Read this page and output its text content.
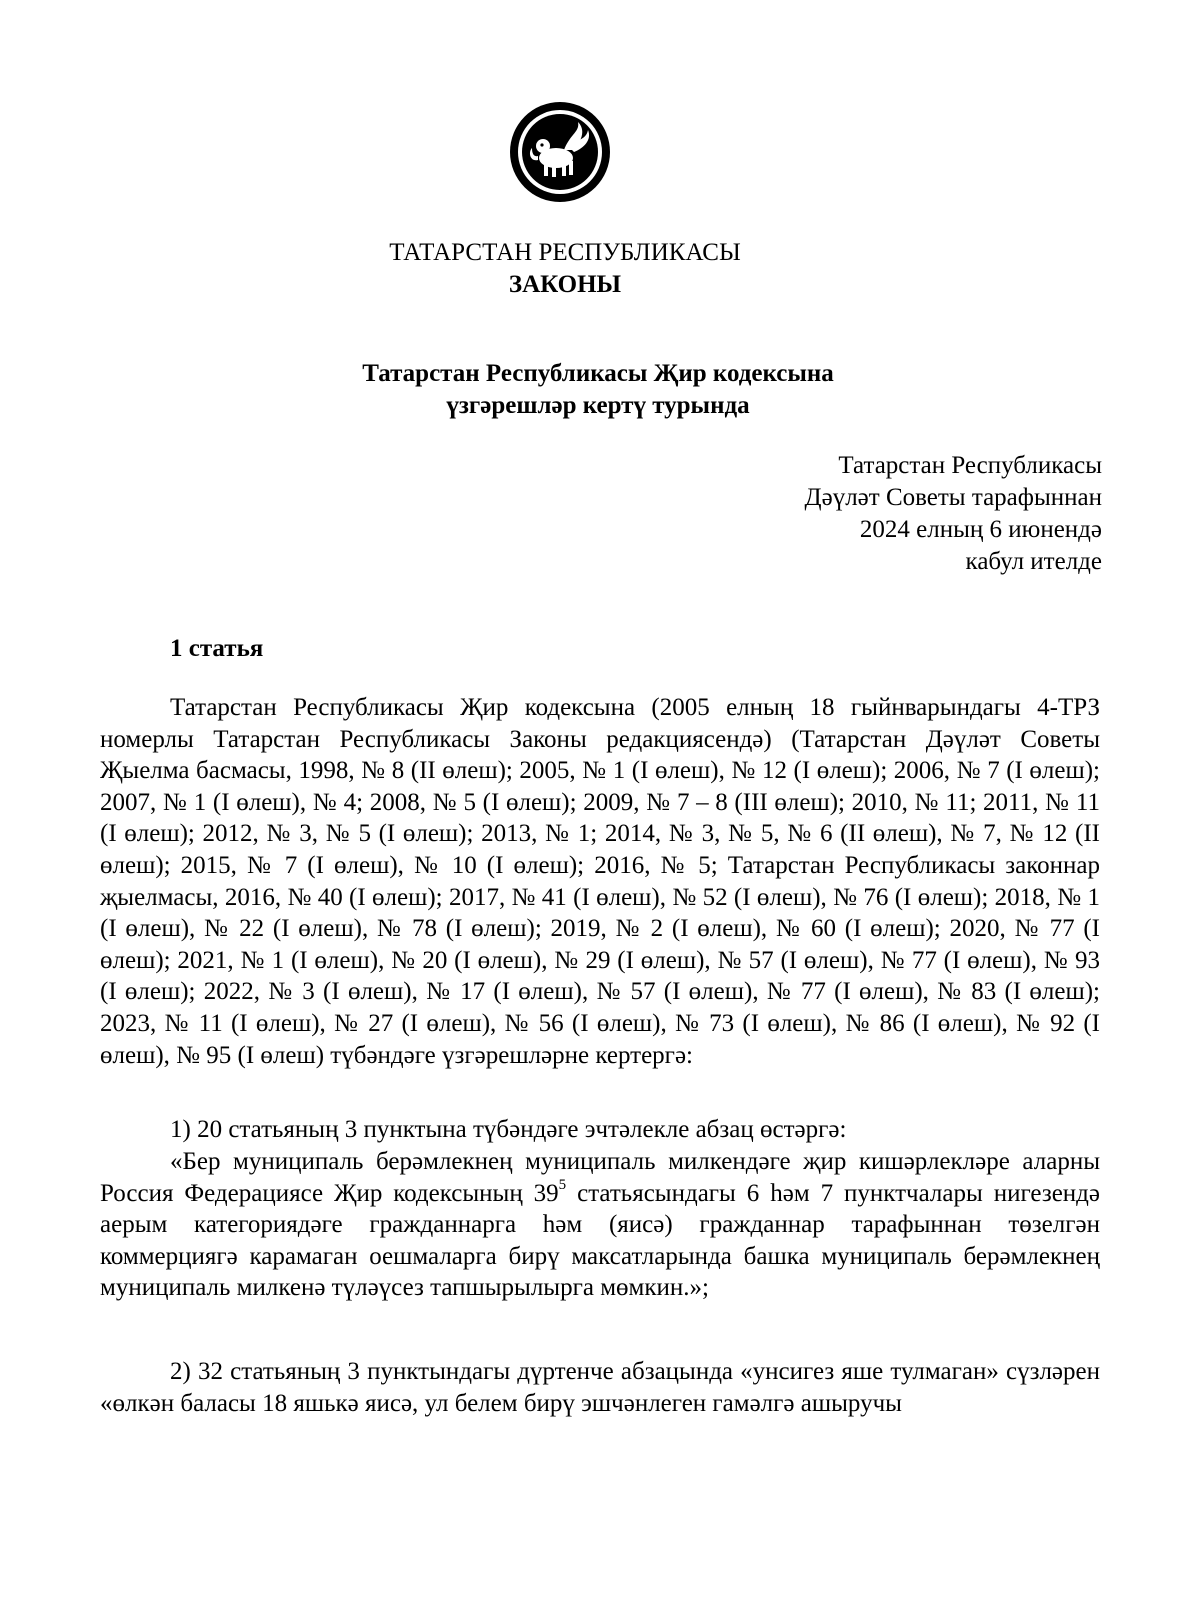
ТАТАРСТАН РЕСПУБЛИКАСЫ
ЗАКОНЫ
Татарстан Республикасы Җир кодексына
үзгәрешләр кертү турында
Татарстан Республикасы
Дәүләт Советы тарафыннан
2024 елның 6 июнендә
кабул ителде
1 статья
Татарстан Республикасы Җир кодексына (2005 елның 18 гыйнварындагы 4-ТРЗ номерлы Татарстан Республикасы Законы редакциясендә) (Татарстан Дәүләт Советы Җыелма басмасы, 1998, № 8 (II өлеш); 2005, № 1 (I өлеш), № 12 (I өлеш); 2006, № 7 (I өлеш); 2007, № 1 (I өлеш), № 4; 2008, № 5 (I өлеш); 2009, № 7 – 8 (III өлеш); 2010, № 11; 2011, № 11 (I өлеш); 2012, № 3, № 5 (I өлеш); 2013, № 1; 2014, № 3, № 5, № 6 (II өлеш), № 7, № 12 (II өлеш); 2015, № 7 (I өлеш), № 10 (I өлеш); 2016, № 5; Татарстан Республикасы законнар җыелмасы, 2016, № 40 (I өлеш); 2017, № 41 (I өлеш), № 52 (I өлеш), № 76 (I өлеш); 2018, № 1 (I өлеш), № 22 (I өлеш), № 78 (I өлеш); 2019, № 2 (I өлеш), № 60 (I өлеш); 2020, № 77 (I өлеш); 2021, № 1 (I өлеш), № 20 (I өлеш), № 29 (I өлеш), № 57 (I өлеш), № 77 (I өлеш), № 93 (I өлеш); 2022, № 3 (I өлеш), № 17 (I өлеш), № 57 (I өлеш), № 77 (I өлеш), № 83 (I өлеш); 2023, № 11 (I өлеш), № 27 (I өлеш), № 56 (I өлеш), № 73 (I өлеш), № 86 (I өлеш), № 92 (I өлеш), № 95 (I өлеш) түбәндәге үзгәрешләрне кертергә:
1) 20 статьяның 3 пунктына түбәндәге эчтәлекле абзац өстәргә:
«Бер муниципаль берәмлекнең муниципаль милкендәге җир кишәрлекләре аларны Россия Федерациясе Җир кодексының $39^5$ статьясындагы 6 һәм 7 пунктчалары нигезендә аерым категориядәге гражданнарга һәм (яисә) гражданнар тарафыннан төзелгән коммерциягә карамаган оешмаларга бирү максатларында башка муниципаль берәмлекнең муниципаль милкенә түләүсез тапшырылырга мөмкин.»;
2) 32 статьяның 3 пунктындагы дүртенче абзацында «унсигез яше тулмаган» сүзләрен «өлкән баласы 18 яшькә яисә, ул белем бирү эшчәнлеген гамәлгә ашыручы
